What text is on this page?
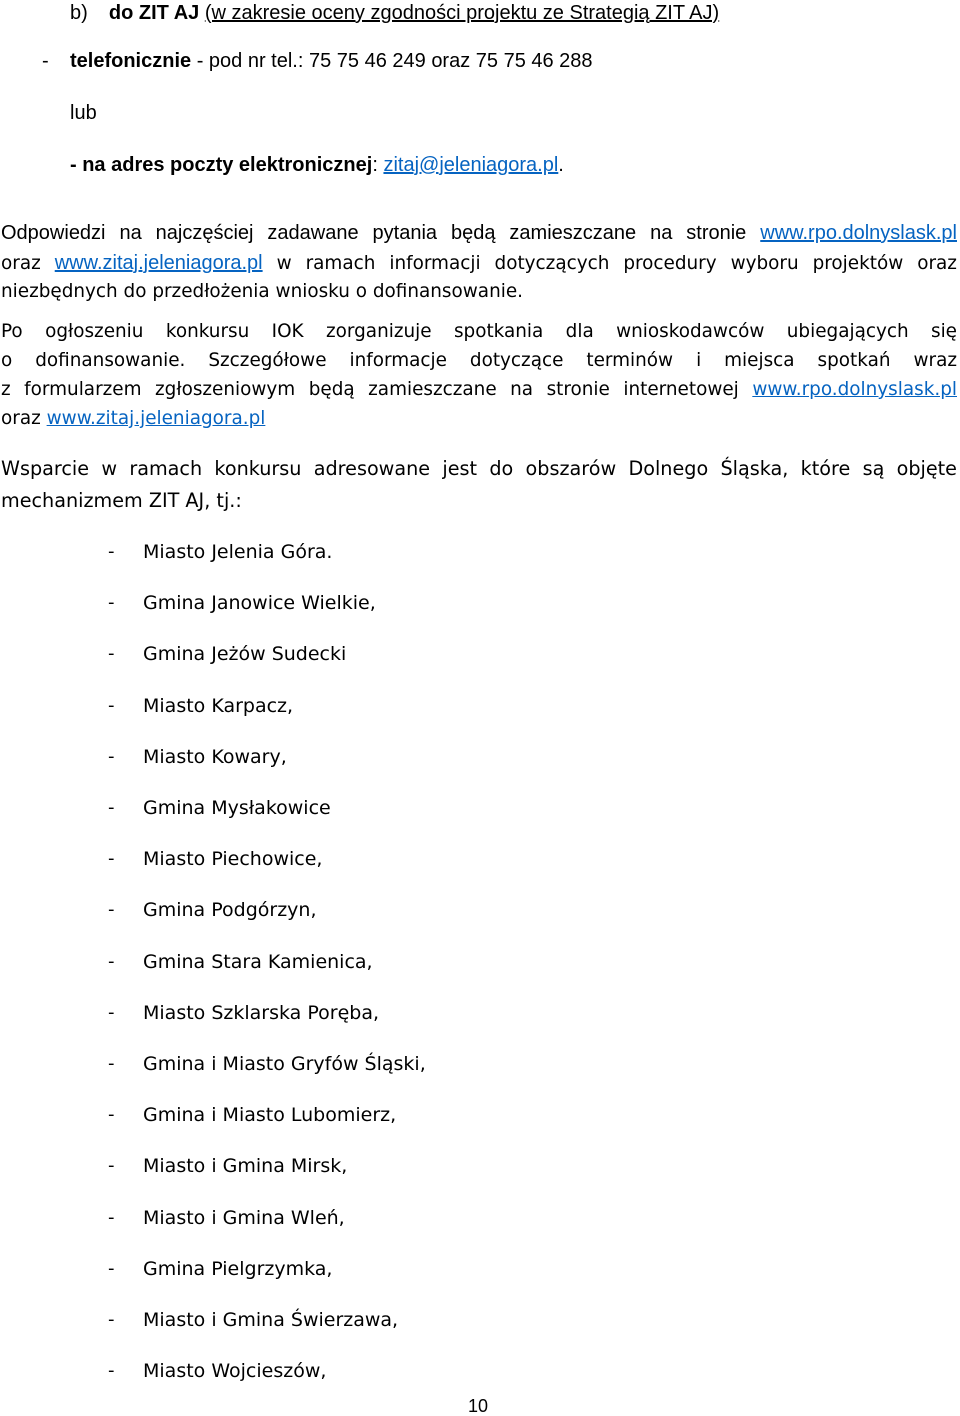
b) do ZIT AJ (w zakresie oceny zgodności projektu ze Strategią ZIT AJ)
- telefonicznie - pod nr tel.: 75 75 46 249 oraz 75 75 46 288
lub
- na adres poczty elektronicznej: zitaj@jeleniagora.pl.
Odpowiedzi na najczęściej zadawane pytania będą zamieszczane na stronie www.rpo.dolnyslask.pl
oraz www.zitaj.jeleniagora.pl w ramach informacji dotyczących procedury wyboru projektów oraz
niezbędnych do przedłożenia wniosku o dofinansowanie.
Po ogłoszeniu konkursu IOK zorganizuje spotkania dla wnioskodawców ubiegających się
o dofinansowanie. Szczegółowe informacje dotyczące terminów i miejsca spotkań wraz
z formularzem zgłoszeniowym będą zamieszczane na stronie internetowej www.rpo.dolnyslask.pl
oraz www.zitaj.jeleniagora.pl
Wsparcie w ramach konkursu adresowane jest do obszarów Dolnego Śląska, które są objęte
mechanizmem ZIT AJ, tj.:
- Miasto Jelenia Góra.
- Gmina Janowice Wielkie,
- Gmina Jeżów Sudecki
- Miasto Karpacz,
- Miasto Kowary,
- Gmina Mysłakowice
- Miasto Piechowice,
- Gmina Podgórzyn,
- Gmina Stara Kamienica,
- Miasto Szklarska Poręba,
- Gmina i Miasto Gryfów Śląski,
- Gmina i Miasto Lubomierz,
- Miasto i Gmina Mirsk,
- Miasto i Gmina Wleń,
- Gmina Pielgrzymka,
- Miasto i Gmina Świerzawa,
- Miasto Wojcieszów,
10
